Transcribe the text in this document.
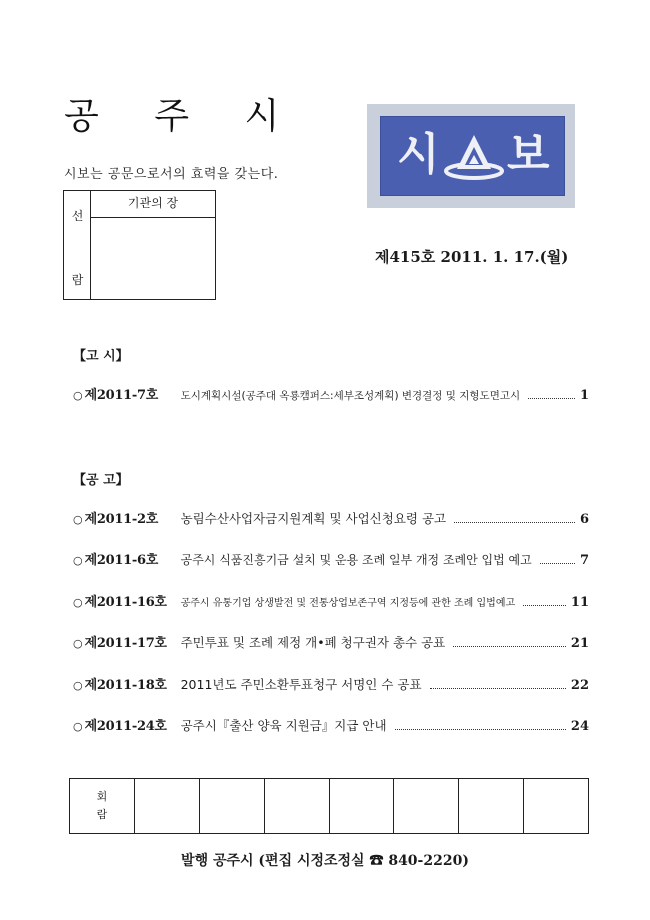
공 주 시
시보는 공문으로서의 효력을 갖는다.
선
람
기관의 장
시 보
제415호 2011. 1. 17.(월)
【고 시】
○ 제2011-7호	도시계획시설(공주대 옥룡캠퍼스:세부조성계획) 변경결정 및 지형도면고시	1
【공 고】
○ 제2011-2호	농림수산사업자금지원계획 및 사업신청요령 공고	6
○ 제2011-6호	공주시 식품진흥기금 설치 및 운용 조례 일부 개정 조례안 입법 예고	7
○ 제2011-16호	공주시 유통기업 상생발전 및 전통상업보존구역 지정등에 관한 조례 입법예고	11
○ 제2011-17호	주민투표 및 조례 제정 개•폐 청구권자 총수 공표	21
○ 제2011-18호	2011년도 주민소환투표청구 서명인 수 공표	22
○ 제2011-24호	공주시『출산 양육 지원금』지급 안내	24
회
람
발행 공주시 (편집 시정조정실 ☎ 840-2220)
